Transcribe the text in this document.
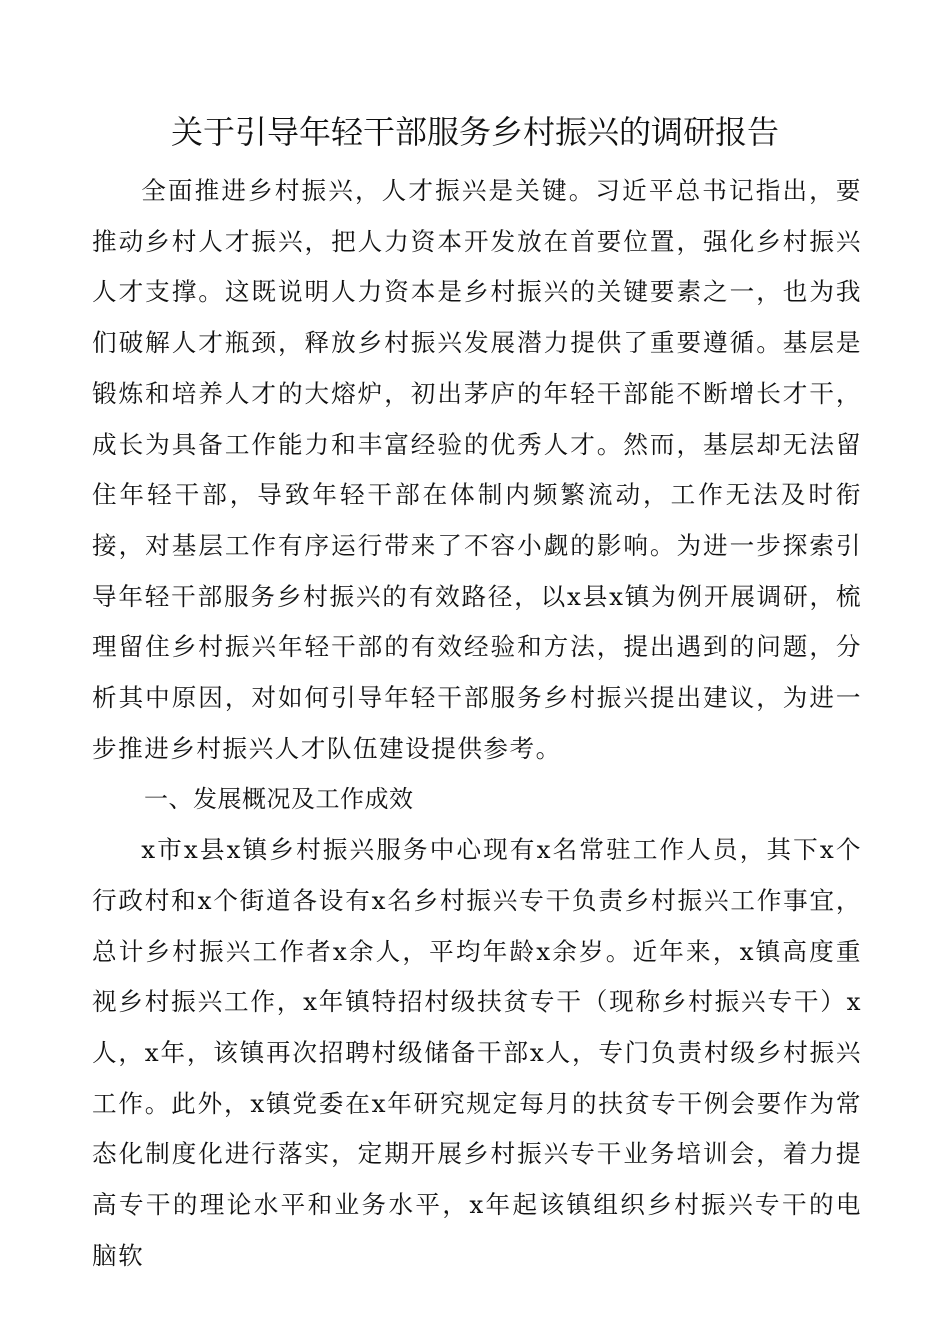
关于引导年轻干部服务乡村振兴的调研报告

全面推进乡村振兴，人才振兴是关键。习近平总书记指出，要推动乡村人才振兴，把人力资本开发放在首要位置，强化乡村振兴人才支撑。这既说明人力资本是乡村振兴的关键要素之一，也为我们破解人才瓶颈，释放乡村振兴发展潜力提供了重要遵循。基层是锻炼和培养人才的大熔炉，初出茅庐的年轻干部能不断增长才干，成长为具备工作能力和丰富经验的优秀人才。然而，基层却无法留住年轻干部，导致年轻干部在体制内频繁流动，工作无法及时衔接，对基层工作有序运行带来了不容小觑的影响。为进一步探索引导年轻干部服务乡村振兴的有效路径，以x县x镇为例开展调研，梳理留住乡村振兴年轻干部的有效经验和方法，提出遇到的问题，分析其中原因，对如何引导年轻干部服务乡村振兴提出建议，为进一步推进乡村振兴人才队伍建设提供参考。

一、发展概况及工作成效

x市x县x镇乡村振兴服务中心现有x名常驻工作人员，其下x个行政村和x个街道各设有x名乡村振兴专干负责乡村振兴工作事宜，总计乡村振兴工作者x余人，平均年龄x余岁。近年来，x镇高度重视乡村振兴工作，x年镇特招村级扶贫专干（现称乡村振兴专干）x人，x年，该镇再次招聘村级储备干部x人，专门负责村级乡村振兴工作。此外，x镇党委在x年研究规定每月的扶贫专干例会要作为常态化制度化进行落实，定期开展乡村振兴专干业务培训会，着力提高专干的理论水平和业务水平，x年起该镇组织乡村振兴专干的电脑软
